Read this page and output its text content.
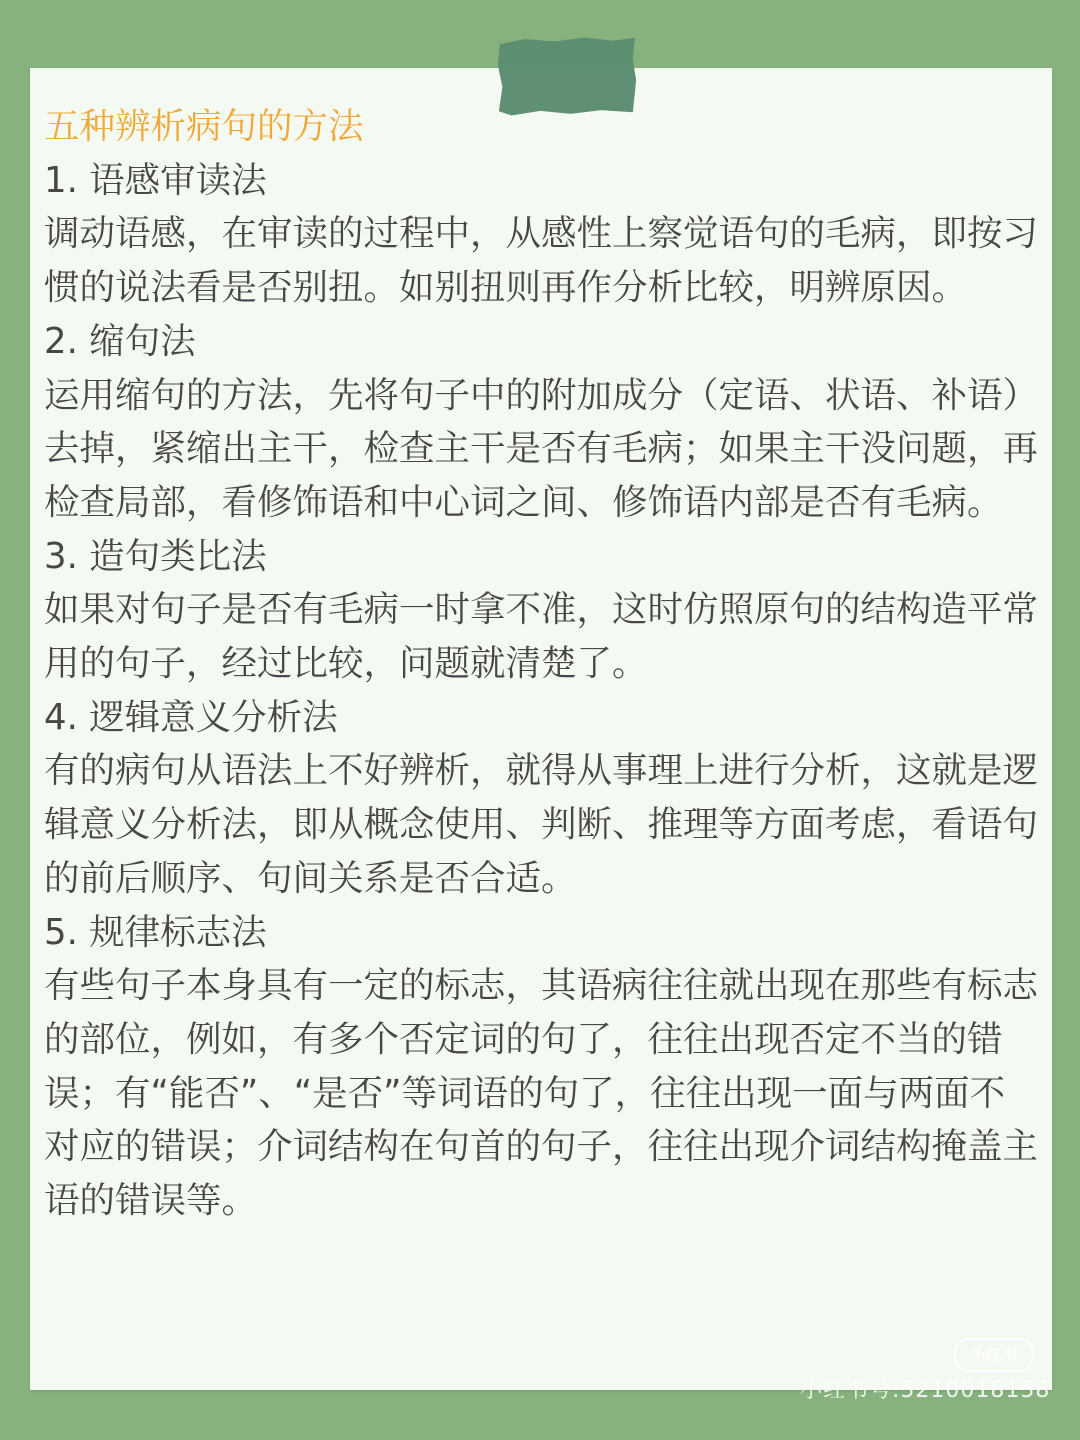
五种辨析病句的方法

1. 语感审读法

调动语感，在审读的过程中，从感性上察觉语句的毛病，即按习惯的说法看是否别扭。如别扭则再作分析比较，明辨原因。

2. 缩句法

运用缩句的方法，先将句子中的附加成分（定语、状语、补语）去掉，紧缩出主干，检查主干是否有毛病；如果主干没问题，再检查局部，看修饰语和中心词之间、修饰语内部是否有毛病。

3. 造句类比法

如果对句子是否有毛病一时拿不准，这时仿照原句的结构造平常用的句子，经过比较，问题就清楚了。

4. 逻辑意义分析法

有的病句从语法上不好辨析，就得从事理上进行分析，这就是逻辑意义分析法，即从概念使用、判断、推理等方面考虑，看语句的前后顺序、句间关系是否合适。

5. 规律标志法

有些句子本身具有一定的标志，其语病往往就出现在那些有标志的部位，例如，有多个否定词的句了，往往出现否定不当的错误；有“能否”、“是否”等词语的句了，往往出现一面与两面不对应的错误；介词结构在句首的句子，往往出现介词结构掩盖主语的错误等。

小红书
小红书号:5210018158
